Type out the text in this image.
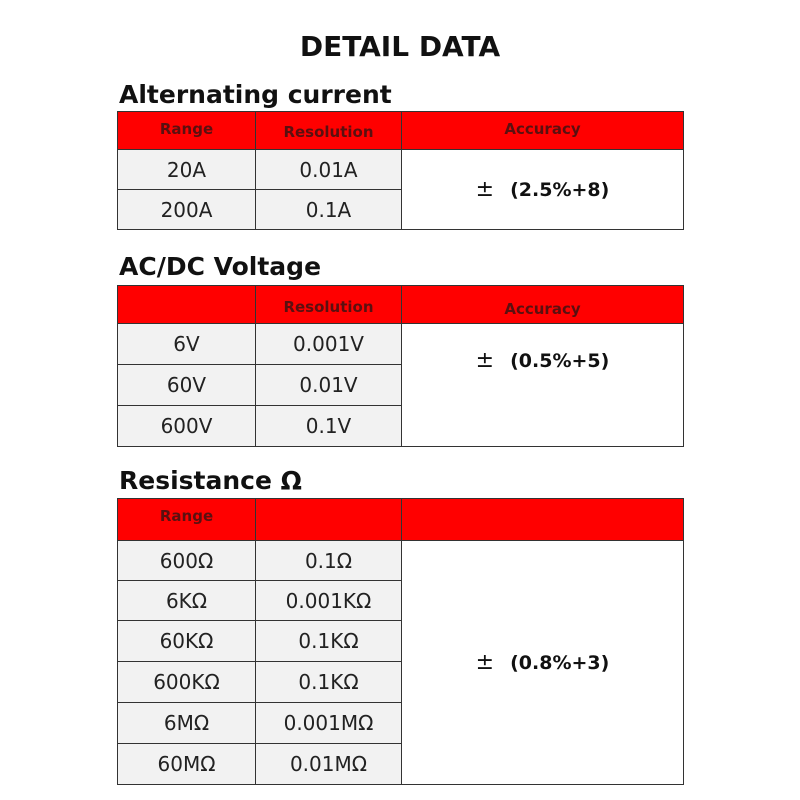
DETAIL DATA
Alternating current
Range	Resolution	Accuracy
20A	0.01A	± (2.5%+8)
200A	0.1A	
AC/DC Voltage
	Resolution	Accuracy
6V	0.001V	± (0.5%+5)
60V	0.01V	
600V	0.1V	
Resistance Ω
Range		
600Ω	0.1Ω	± (0.8%+3)
6KΩ	0.001KΩ	
60KΩ	0.1KΩ	
600KΩ	0.1KΩ	
6MΩ	0.001MΩ	
60MΩ	0.01MΩ	
